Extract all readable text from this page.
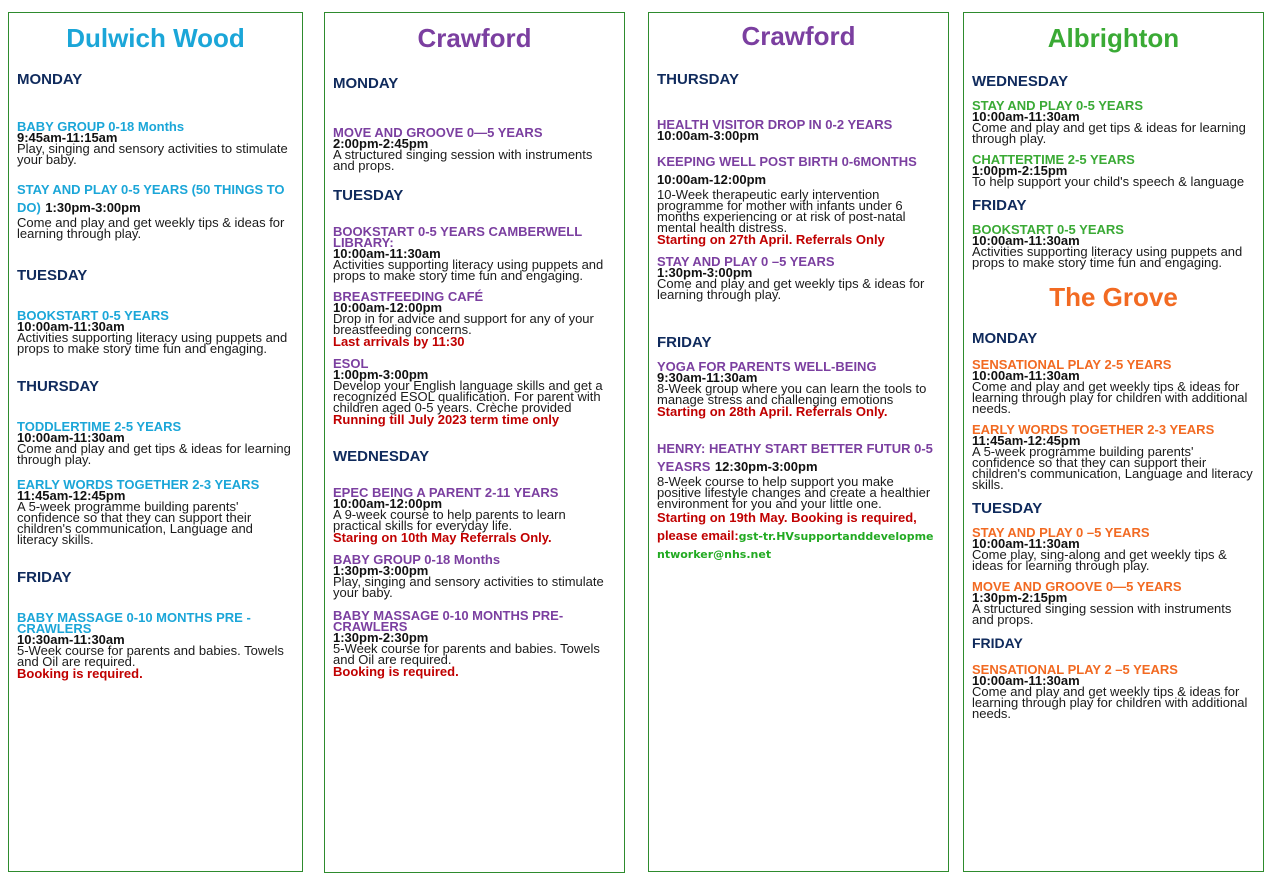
Dulwich Wood
MONDAY
BABY GROUP 0-18 Months
9:45am-11:15am
Play, singing and sensory activities to stimulate your baby.
STAY AND PLAY 0-5 YEARS (50 THINGS TO DO) 1:30pm-3:00pm
Come and play and get weekly tips & ideas for learning through play.
TUESDAY
BOOKSTART 0-5 YEARS
10:00am-11:30am
Activities supporting literacy using puppets and props to make story time fun and engaging.
THURSDAY
TODDLERTIME 2-5 YEARS
10:00am-11:30am
Come and play and get tips & ideas for learning through play.
EARLY WORDS TOGETHER 2-3 YEARS
11:45am-12:45pm
A 5-week programme building parents' confidence so that they can support their children's communication, Language and literacy skills.
FRIDAY
BABY MASSAGE 0-10 MONTHS PRE -CRAWLERS
10:30am-11:30am
5-Week course for parents and babies. Towels and Oil are required.
Booking is required.
Crawford
MONDAY
MOVE AND GROOVE 0—5 YEARS
2:00pm-2:45pm
A structured singing session with instruments and props.
TUESDAY
BOOKSTART 0-5 YEARS CAMBERWELL LIBRARY:
10:00am-11:30am
Activities supporting literacy using puppets and props to make story time fun and engaging.
BREASTFEEDING CAFÉ
10:00am-12:00pm
Drop in for advice and support for any of your breastfeeding concerns.
Last arrivals by 11:30
ESOL
1:00pm-3:00pm
Develop your English language skills and get a recognized ESOL qualification. For parent with children aged 0-5 years. Crèche provided
Running till July 2023 term time only
WEDNESDAY
EPEC BEING A PARENT 2-11 YEARS
10:00am-12:00pm
A 9-week course to help parents to learn practical skills for everyday life.
Staring on 10th May Referrals Only.
BABY GROUP 0-18 Months
1:30pm-3:00pm
Play, singing and sensory activities to stimulate your baby.
BABY MASSAGE 0-10 MONTHS PRE-CRAWLERS
1:30pm-2:30pm
5-Week course for parents and babies. Towels and Oil are required.
Booking is required.
Crawford
THURSDAY
HEALTH VISITOR DROP IN 0-2 YEARS
10:00am-3:00pm
KEEPING WELL POST BIRTH 0-6MONTHS 10:00am-12:00pm
10-Week therapeutic early intervention programme for mother with infants under 6 months experiencing or at risk of post-natal mental health distress.
Starting on 27th April. Referrals Only
STAY AND PLAY 0 –5 YEARS
1:30pm-3:00pm
Come and play and get weekly tips & ideas for learning through play.
FRIDAY
YOGA FOR PARENTS WELL-BEING
9:30am-11:30am
8-Week group where you can learn the tools to manage stress and challenging emotions
Starting on 28th April. Referrals Only.
HENRY: HEATHY START BETTER FUTUR 0-5 YEASRS 12:30pm-3:00pm
8-Week course to help support you make positive lifestyle changes and create a healthier environment for you and your little one.
Starting on 19th May. Booking is required, please email:gst-tr.HVsupportanddevelopmentworker@nhs.net
Albrighton
WEDNESDAY
STAY AND PLAY 0-5 YEARS
10:00am-11:30am
Come and play and get tips & ideas for learning through play.
CHATTERTIME 2-5 YEARS
1:00pm-2:15pm
To help support your child's speech & language
FRIDAY
BOOKSTART 0-5 YEARS
10:00am-11:30am
Activities supporting literacy using puppets and props to make story time fun and engaging.
The Grove
MONDAY
SENSATIONAL PLAY 2-5 YEARS
10:00am-11:30am
Come and play and get weekly tips & ideas for learning through play for children with additional needs.
EARLY WORDS TOGETHER 2-3 YEARS
11:45am-12:45pm
A 5-week programme building parents' confidence so that they can support their children's communication, Language and literacy skills.
TUESDAY
STAY AND PLAY 0 –5 YEARS
10:00am-11:30am
Come play, sing-along and get weekly tips & ideas for learning through play.
MOVE AND GROOVE 0—5 YEARS
1:30pm-2:15pm
A structured singing session with instruments and props.
FRIDAY
SENSATIONAL PLAY 2 –5 YEARS
10:00am-11:30am
Come and play and get weekly tips & ideas for learning through play for children with additional needs.
